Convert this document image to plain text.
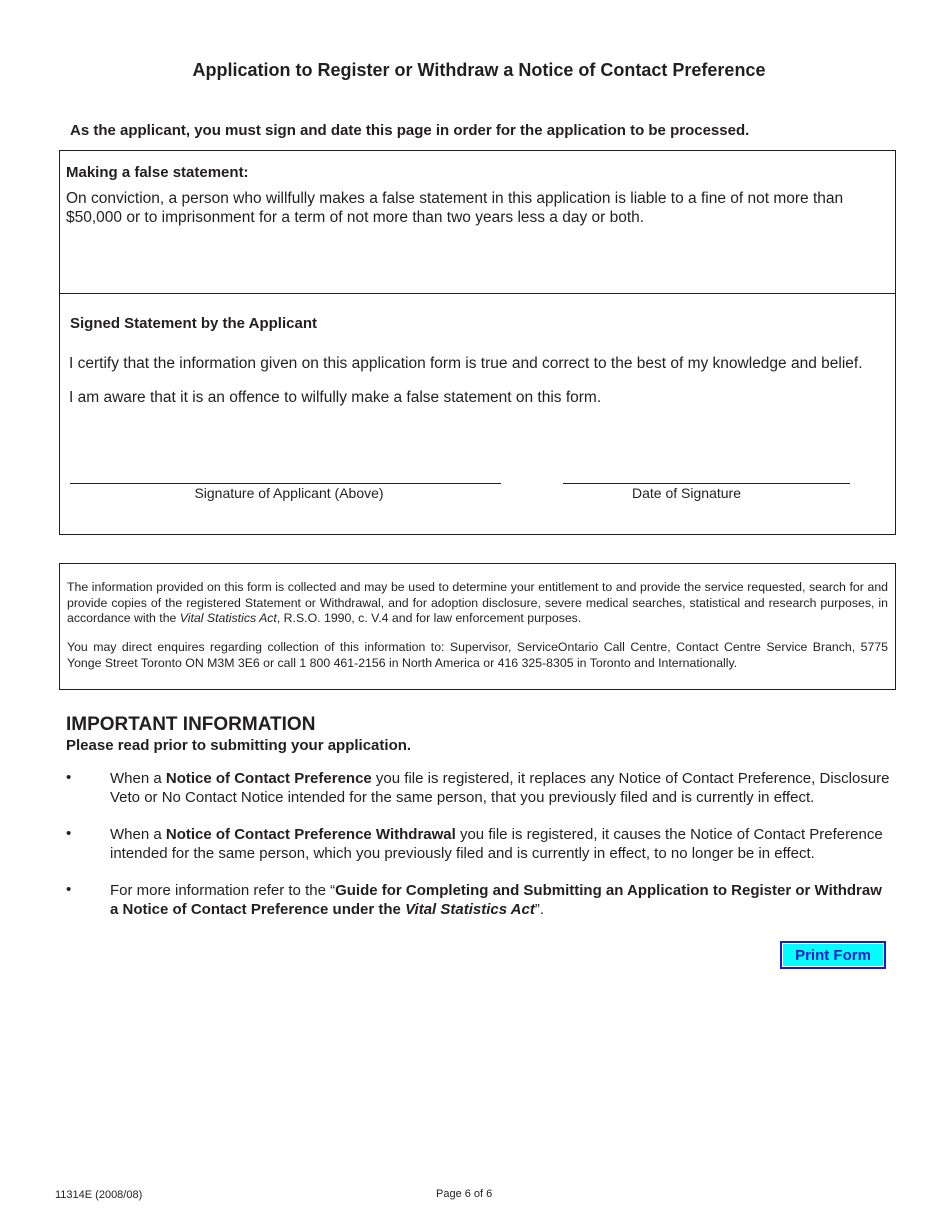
Application to Register or Withdraw a Notice of Contact Preference
As the applicant, you must sign and date this page in order for the application to be processed.
Making a false statement:
On conviction, a person who willfully makes a false statement in this application is liable to a fine of not more than
$50,000 or to imprisonment for a term of not more than two years less a day or both.
Signed Statement by the Applicant
I certify that the information given on this application form is true and correct to the best of my knowledge and belief.
I am aware that it is an offence to wilfully make a false statement on this form.
Signature of Applicant (Above)	Date of Signature

The information provided on this form is collected and may be used to determine your entitlement to and provide the service requested, search for and provide copies of the registered Statement or Withdrawal, and for adoption disclosure, severe medical searches, statistical and research purposes, in accordance with the Vital Statistics Act, R.S.O. 1990, c. V.4 and for law enforcement purposes.

You may direct enquires regarding collection of this information to: Supervisor, ServiceOntario Call Centre, Contact Centre Service Branch, 5775 Yonge Street Toronto ON M3M 3E6 or call 1 800 461-2156 in North America or 416 325-8305 in Toronto and Internationally.

IMPORTANT INFORMATION
Please read prior to submitting your application.
•	When a Notice of Contact Preference you file is registered, it replaces any Notice of Contact Preference, Disclosure Veto or No Contact Notice intended for the same person, that you previously filed and is currently in effect.
•	When a Notice of Contact Preference Withdrawal you file is registered, it causes the Notice of Contact Preference intended for the same person, which you previously filed and is currently in effect, to no longer be in effect.
•	For more information refer to the “Guide for Completing and Submitting an Application to Register or Withdraw a Notice of Contact Preference under the Vital Statistics Act”.
Print Form
11314E (2008/08)	Page 6 of 6
